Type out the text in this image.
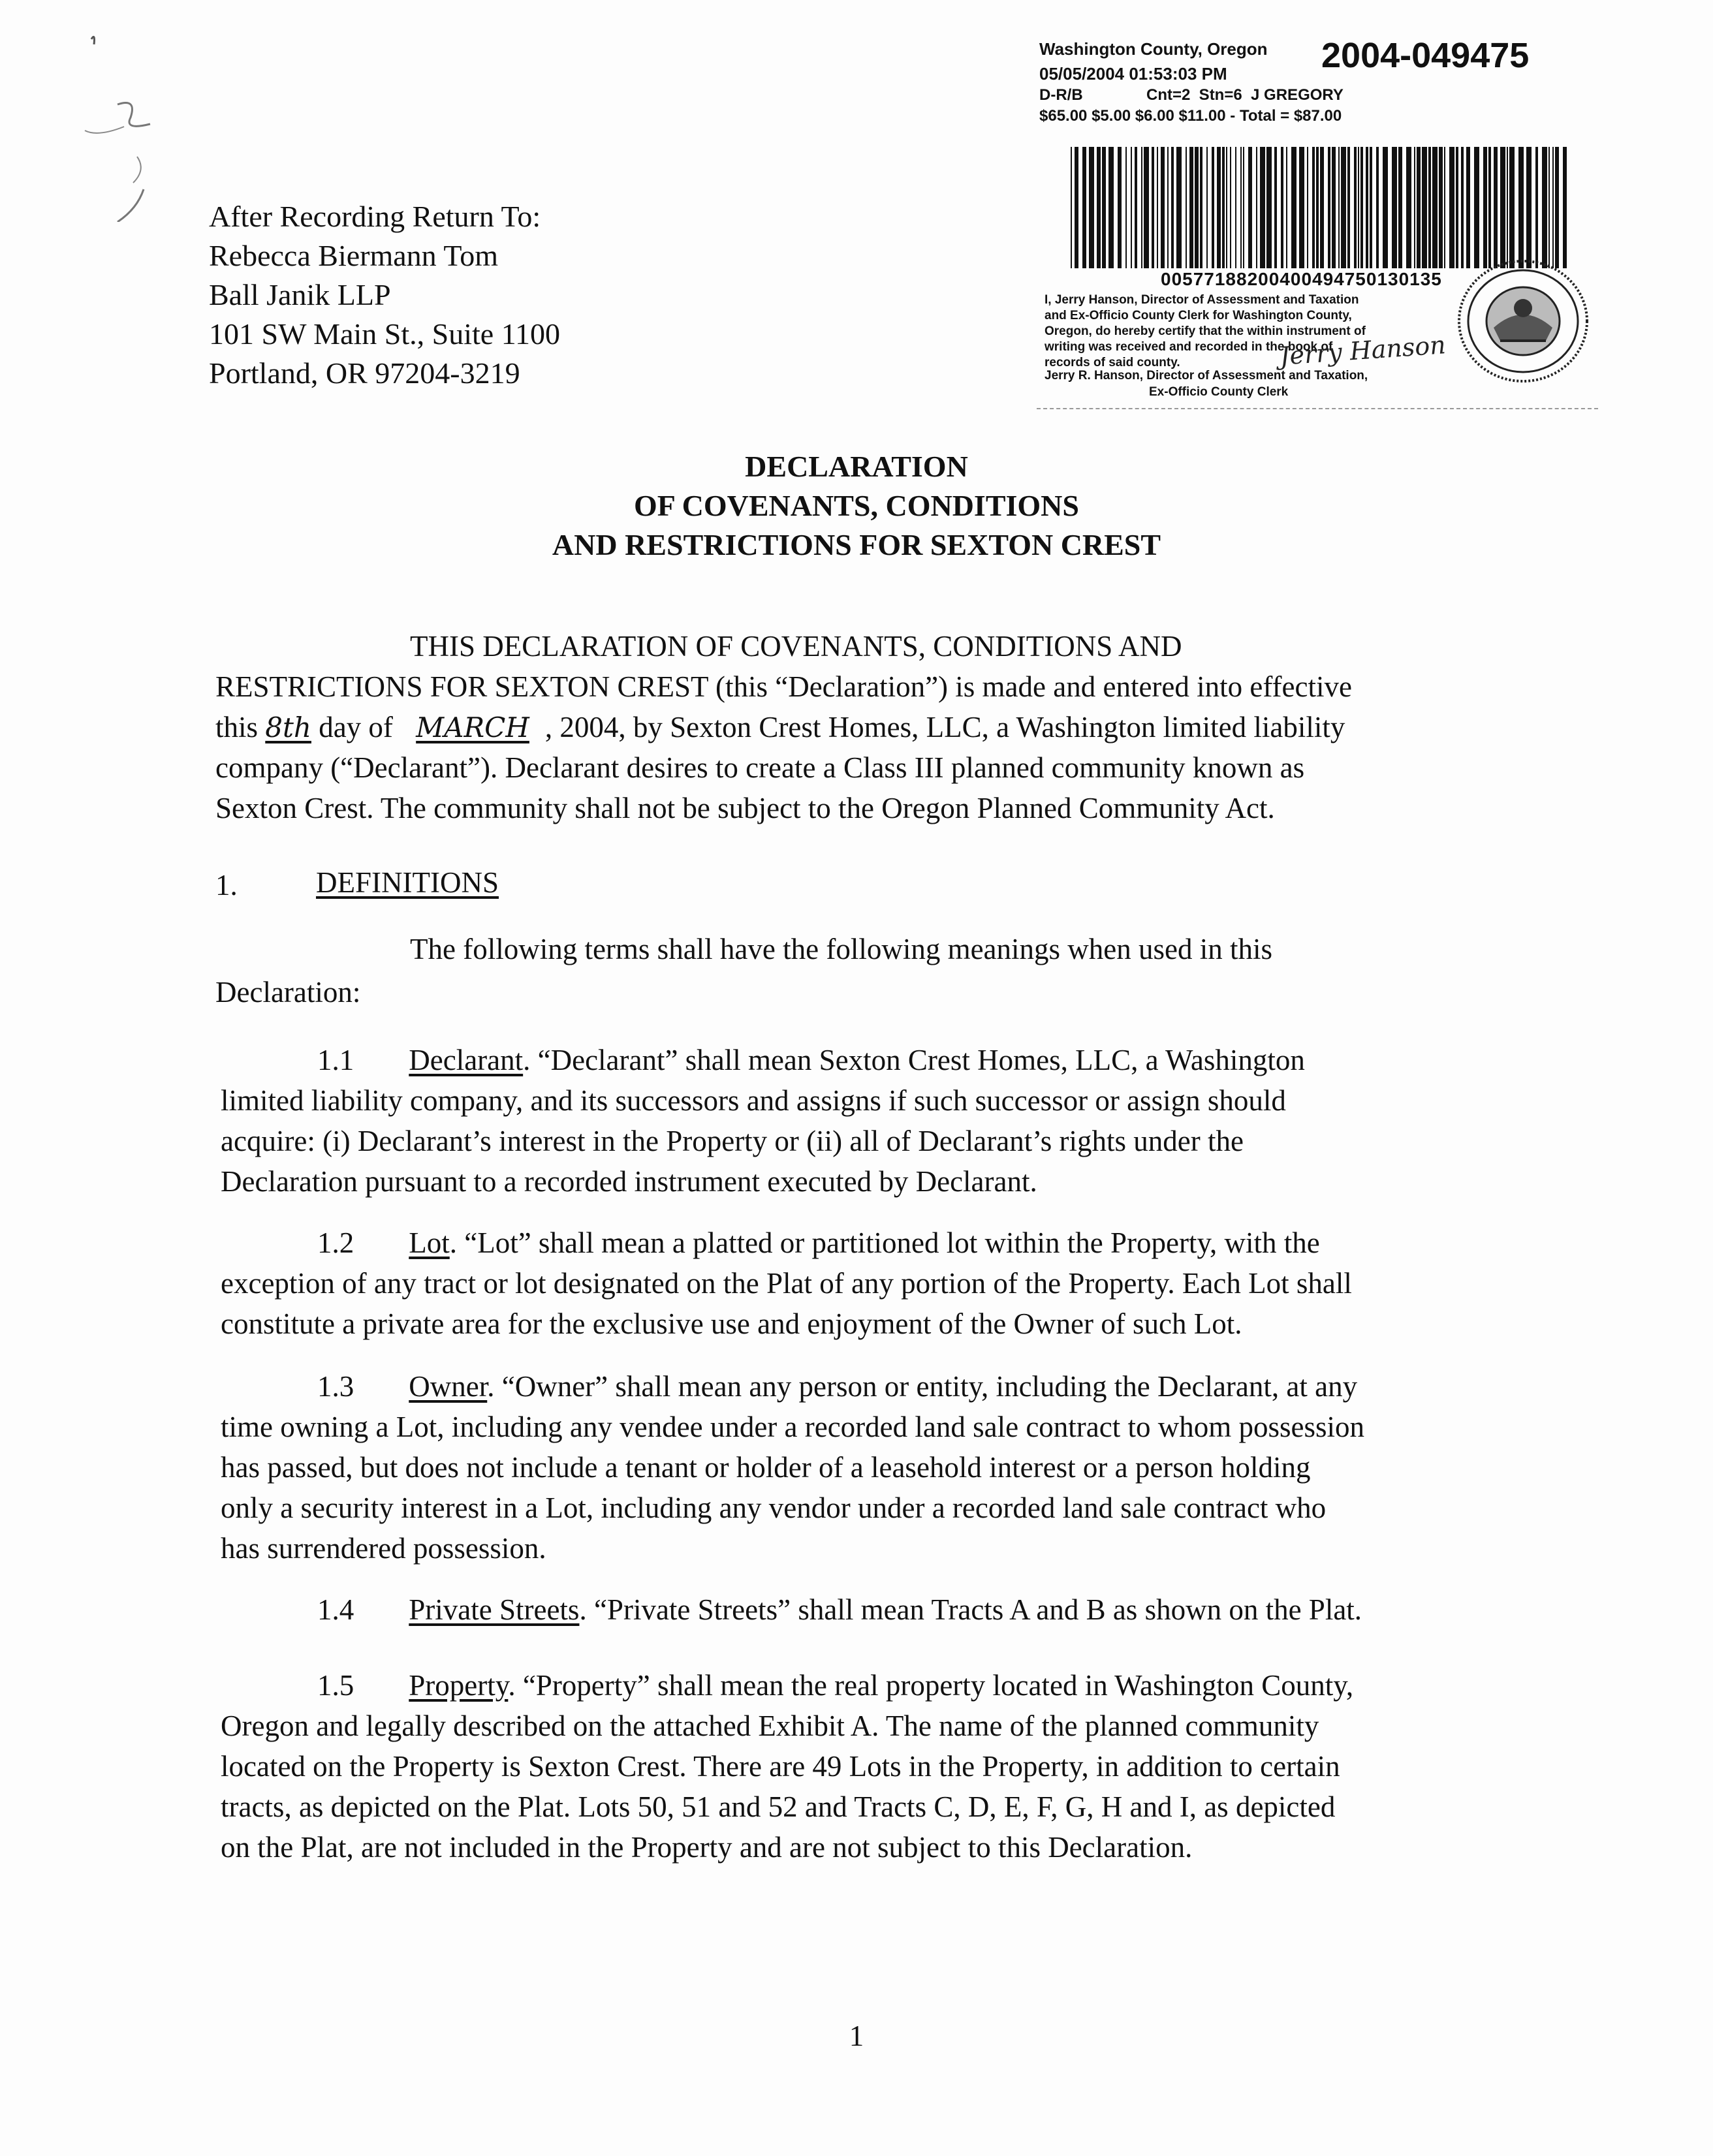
Washington County, Oregon 2004-049475
05/05/2004 01:53:03 PM
D-R/B	Cnt=2  Stn=6  J GREGORY
$65.00 $5.00 $6.00 $11.00 - Total = $87.00
00577188200400494750130135
I, Jerry Hanson, Director of Assessment and Taxation
and Ex-Officio County Clerk for Washington County,
Oregon, do hereby certify that the within instrument of
writing was received and recorded in the book of
records of said county.	Jerry Hanson
Jerry R. Hanson, Director of Assessment and Taxation,
Ex-Officio County Clerk
After Recording Return To:
Rebecca Biermann Tom
Ball Janik LLP
101 SW Main St., Suite 1100
Portland, OR 97204-3219
DECLARATION
OF COVENANTS, CONDITIONS
AND RESTRICTIONS FOR SEXTON CREST
THIS DECLARATION OF COVENANTS, CONDITIONS AND
RESTRICTIONS FOR SEXTON CREST (this “Declaration”) is made and entered into effective
this 8th day of MARCH , 2004, by Sexton Crest Homes, LLC, a Washington limited liability
company (“Declarant”). Declarant desires to create a Class III planned community known as
Sexton Crest. The community shall not be subject to the Oregon Planned Community Act.
1.	DEFINITIONS
The following terms shall have the following meanings when used in this
Declaration:
1.1 Declarant. “Declarant” shall mean Sexton Crest Homes, LLC, a Washington
limited liability company, and its successors and assigns if such successor or assign should
acquire: (i) Declarant’s interest in the Property or (ii) all of Declarant’s rights under the
Declaration pursuant to a recorded instrument executed by Declarant.
1.2 Lot. “Lot” shall mean a platted or partitioned lot within the Property, with the
exception of any tract or lot designated on the Plat of any portion of the Property. Each Lot shall
constitute a private area for the exclusive use and enjoyment of the Owner of such Lot.
1.3 Owner. “Owner” shall mean any person or entity, including the Declarant, at any
time owning a Lot, including any vendee under a recorded land sale contract to whom possession
has passed, but does not include a tenant or holder of a leasehold interest or a person holding
only a security interest in a Lot, including any vendor under a recorded land sale contract who
has surrendered possession.
1.4 Private Streets. “Private Streets” shall mean Tracts A and B as shown on the Plat.
1.5 Property. “Property” shall mean the real property located in Washington County,
Oregon and legally described on the attached Exhibit A. The name of the planned community
located on the Property is Sexton Crest. There are 49 Lots in the Property, in addition to certain
tracts, as depicted on the Plat. Lots 50, 51 and 52 and Tracts C, D, E, F, G, H and I, as depicted
on the Plat, are not included in the Property and are not subject to this Declaration.
1
